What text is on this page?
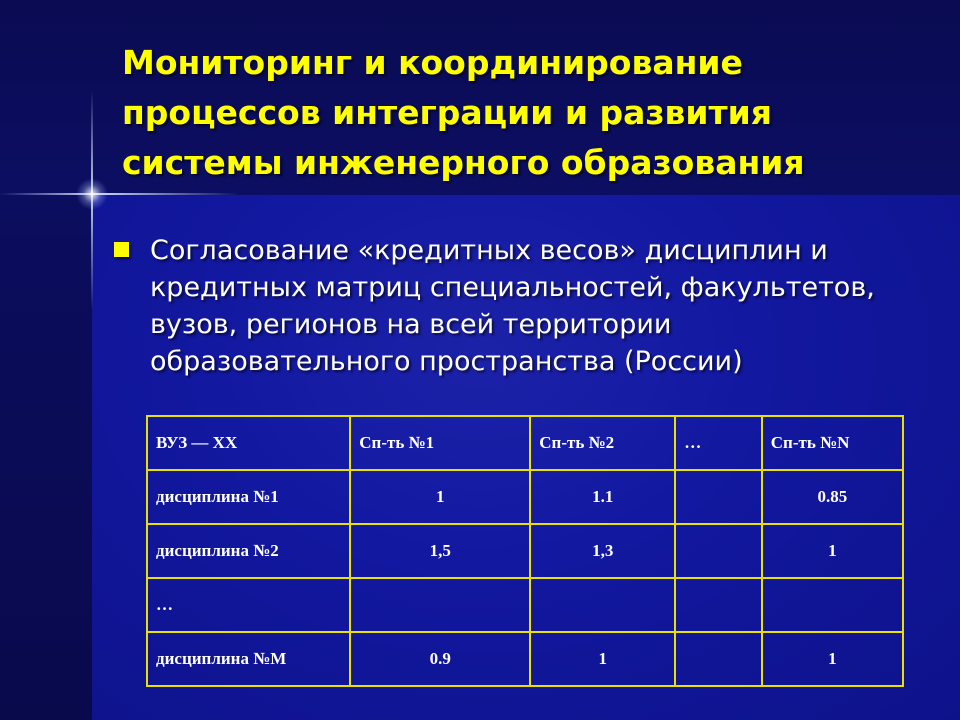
Мониторинг и координирование
процессов интеграции и развития
системы инженерного образования
Согласование «кредитных весов» дисциплин и
кредитных матриц специальностей, факультетов,
вузов, регионов на всей территории
образовательного пространства (России)
ВУЗ — ХХ	Сп-ть №1	Сп-ть №2	…	Сп-ть №N
дисциплина №1	1	1.1		0.85
дисциплина №2	1,5	1,3		1
…				
дисциплина №М	0.9	1		1
